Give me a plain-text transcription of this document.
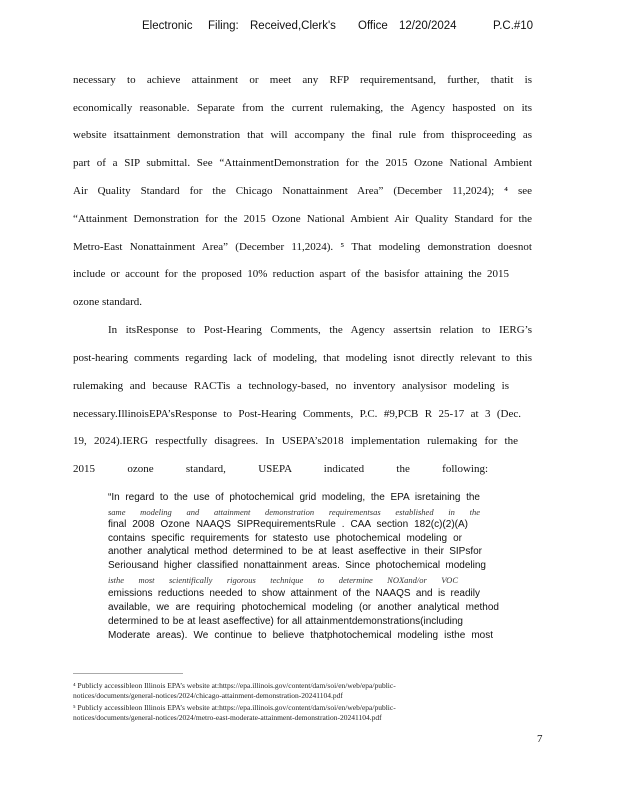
Electronic Filing: Received,Clerk's Office 12/20/2024	P.C.#10
necessary to achieve attainment or meet any RFP requirementsand, further, thatit is
economically reasonable. Separate from the current rulemaking, the Agency hasposted on its
website itsattainment demonstration that will accompany the final rule from thisproceeding as
part of a SIP submittal. See “AttainmentDemonstration for the 2015 Ozone National Ambient
Air Quality Standard for the Chicago Nonattainment Area” (December 11,2024); ⁴ see
“Attainment Demonstration for the 2015 Ozone National Ambient Air Quality Standard for the
Metro-East Nonattainment Area” (December 11,2024). ⁵ That modeling demonstration doesnot
include or account for the proposed 10% reduction aspart of the basisfor attaining the 2015
ozone standard.
In itsResponse to Post-Hearing Comments, the Agency assertsin relation to IERG’s
post-hearing comments regarding lack of modeling, that modeling isnot directly relevant to this
rulemaking and because RACTis a technology-based, no inventory analysisor modeling is
necessary.IllinoisEPA’sResponse to Post-Hearing Comments, P.C. #9,PCB R 25-17 at 3 (Dec.
19, 2024).IERG respectfully disagrees. In USEPA’s2018 implementation rulemaking for the
2015 ozone standard, USEPA indicated the following:
“In regard to the use of photochemical grid modeling, the EPA isretaining the
same modeling and attainment demonstration requirementsas established in the
final 2008 Ozone NAAQS SIPRequirementsRule . CAA section 182(c)(2)(A)
contains specific requirements for statesto use photochemical modeling or
another analytical method determined to be at least aseffective in their SIPsfor
Seriousand higher classified nonattainment areas. Since photochemical modeling
isthe most scientifically rigorous technique to determine NOXand/or VOC
emissions reductions needed to show attainment of the NAAQS and is readily
available, we are requiring photochemical modeling (or another analytical method
determined to be at least aseffective) for all attainmentdemonstrations(including
Moderate areas). We continue to believe thatphotochemical modeling isthe most
⁴ Publicly accessibleon Illinois EPA’s website at:https://epa.illinois.gov/content/dam/soi/en/web/epa/public-
notices/documents/general-notices/2024/chicago-attainment-demonstration-20241104.pdf
⁵ Publicly accessibleon Illinois EPA’s website at:https://epa.illinois.gov/content/dam/soi/en/web/epa/public-
notices/documents/general-notices/2024/metro-east-moderate-attainment-demonstration-20241104.pdf
7
